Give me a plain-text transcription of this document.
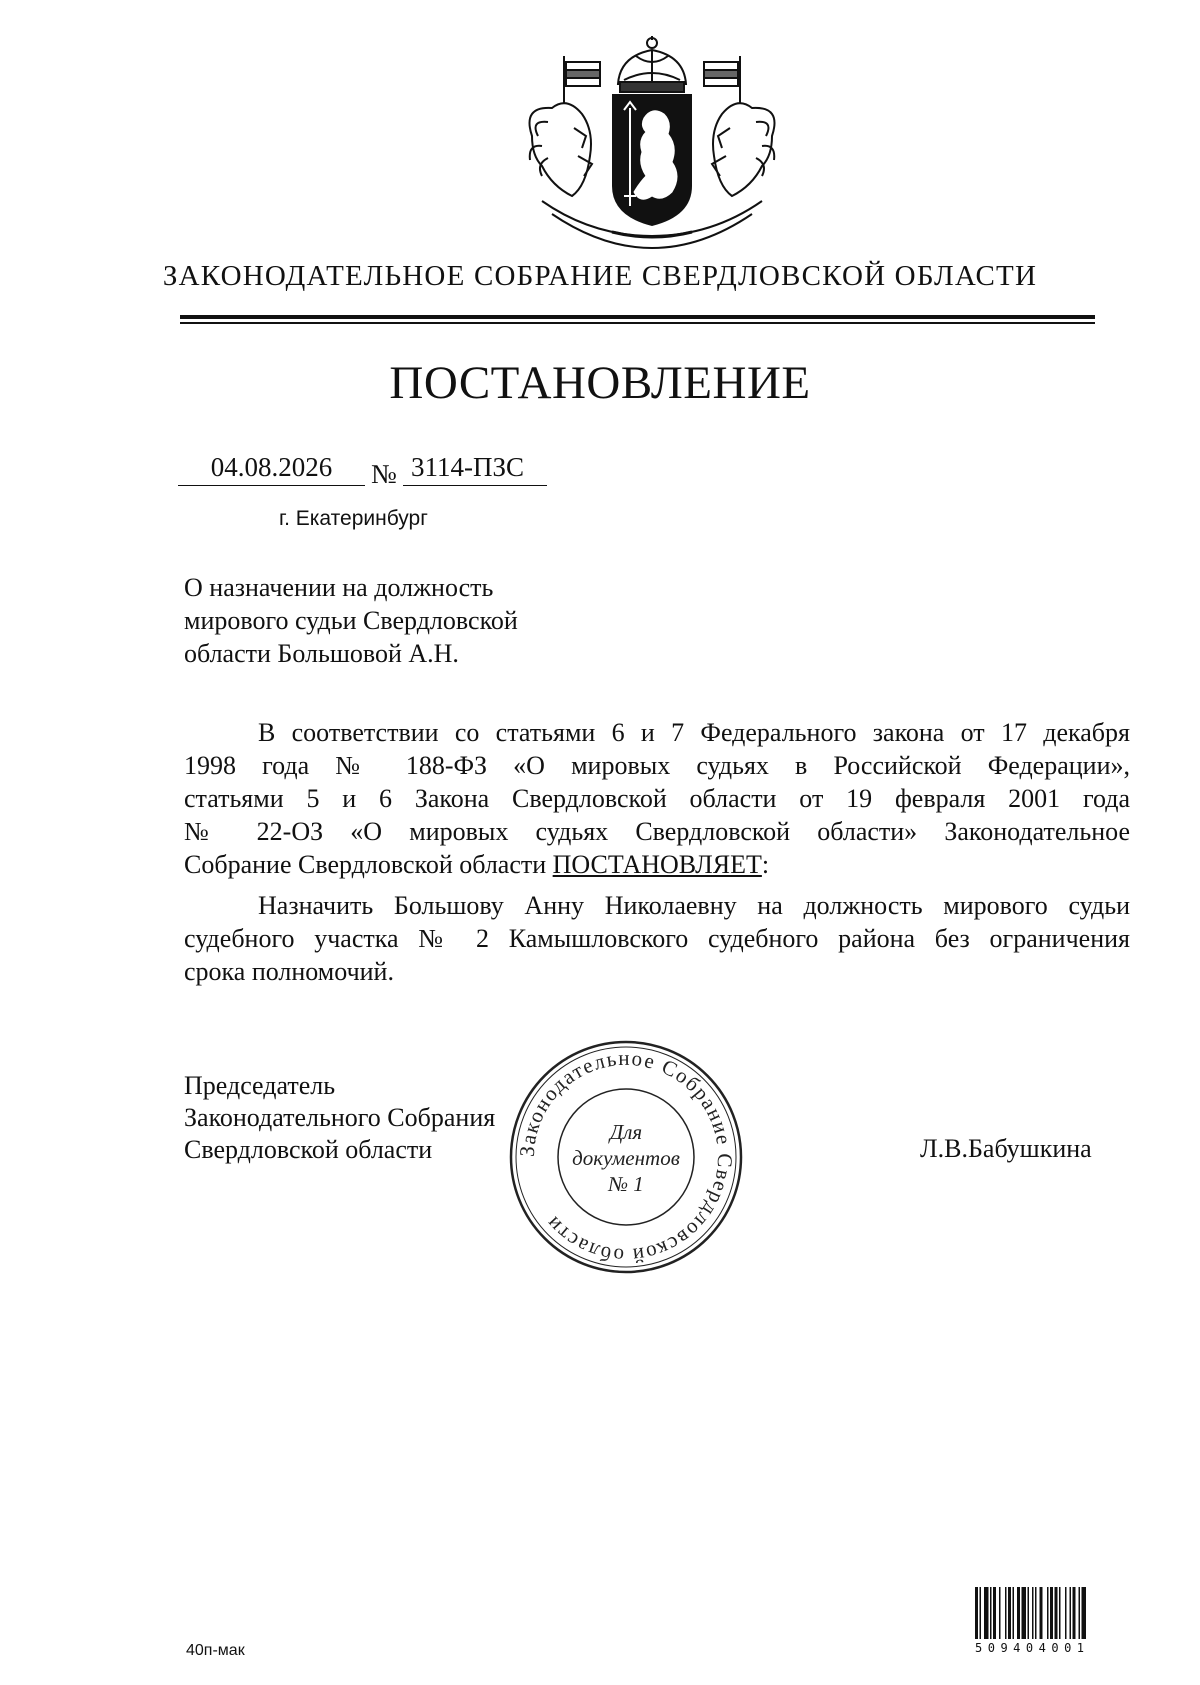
ЗАКОНОДАТЕЛЬНОЕ СОБРАНИЕ СВЕРДЛОВСКОЙ ОБЛАСТИ
ПОСТАНОВЛЕНИЕ
04.08.2026	№ 3114-ПЗС
г. Екатеринбург
О назначении на должность
мирового судьи Свердловской
области Большовой А.Н.
В соответствии со статьями 6 и 7 Федерального закона от 17 декабря
1998 года № 188-ФЗ «О мировых судьях в Российской Федерации»,
статьями 5 и 6 Закона Свердловской области от 19 февраля 2001 года
№ 22-ОЗ «О мировых судьях Свердловской области» Законодательное
Собрание Свердловской области ПОСТАНОВЛЯЕТ:
Назначить Большову Анну Николаевну на должность мирового судьи
судебного участка № 2 Камышловского судебного района без ограничения
срока полномочий.
Председатель
Законодательного Собрания
Свердловской области	Л.В.Бабушкина
Законодательное Собрание Свердловской области
Для
документов
№ 1
509404001
40п-мак
